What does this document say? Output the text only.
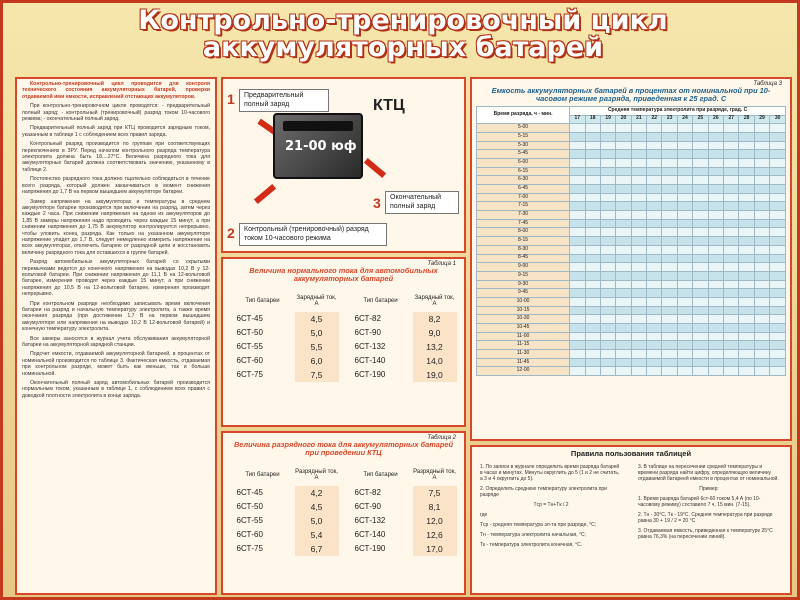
Контрольно-тренировочный цикл
аккумуляторных батарей

Контрольно-тренировочный цикл проводится для контроля технического состояния аккумуляторных батарей, проверки отдаваемой ими емкости, исправлений отстающих аккумуляторов.

При контрольно-тренировочном цикле проводятся: - предварительный полный заряд; - контрольный (тренировочный) разряд током 10-часового режима; - окончательный полный заряд.

Предварительный полный заряд при КТЦ проводится зарядным током, указанным в таблице 1 с соблюдением всех правил заряда.

Контрольный разряд производится по группам при соответствующих переключениях в ЗРУ. Перед началом контрольного разряда температура электролита должна быть 18....27°С. Величина разрядного тока для аккумуляторных батарей должна соответствовать значению, указанному в таблице 2.

Постоянство разрядного тока должно тщательно соблюдаться в течение всего разряда, который должен заканчиваться в момент снижения напряжения до 1,7 В на первом вышедшем аккумуляторе батареи.

Замер напряжения на аккумуляторах и температуры в среднем аккумуляторе батареи производится при включении на разряд, затем через каждые 2 часа. При снижении напряжения на одном из аккумуляторов до 1,85 В замеры напряжения надо проводить через каждые 15 минут, а при снижении напряжения до 1,75 В аккумулятор контролируется непрерывно, чтобы уловить конец разряда. Как только на указанном аккумуляторе напряжение упадет до 1,7 В, следует немедленно измерить напряжение на всех аккумуляторах, отключить батарею от разрядной цепи и восстановить величину разрядного тока для оставшихся в группе батарей.

Разряд автомобильных аккумуляторных батарей со скрытыми перемычками ведется до конечного напряжения на выводах 10,2 В у 12-вольтовой батареи. При снижении напряжения до 11,1 В на 12-вольтовой батарее, измерения проводят через каждые 15 минут, а при снижении напряжения до 10,5 В на 12-вольтовой батарее, измерения производят непрерывно.

При контрольном разряде необходимо записывать время включения батареи на разряд и начальную температуру электролита, а также время окончания разряда (при достижении 1,7 В на первом вышедшем аккумуляторе или напряжения на выводах 10,2 В 12-вольтовой батарей) и конечную температуру электролита.

Все замеры заносятся в журнал учета обслуживания аккумуляторной батареи на аккумуляторной зарядной станции.

Подсчет емкости, отдаваемой аккумуляторной батареей, в процентах от номинальной производится по таблице 3. Фактическая емкость, отдаваемая при контрольном разряде, может быть как меньше, так и больше номинальной.

Окончательный полный заряд автомобильных батарей производится нормальным током, указанным в таблице 1, с соблюдением всех правил с доводкой плотности электролита в конце заряда.

1	Предварительный полный заряд	КТЦ
21-00 юф
3	Окончательный полный заряд
2	Контрольный (тренировочный) разряд током 10-часового режима
Таблица 1
Величина нормального тока для автомобильных аккумуляторных батарей
Тип батареи	Зарядный ток, А		Тип батареи	Зарядный ток, А
6СТ-45	4,5		6СТ-82	8,2
6СТ-50	5,0		6СТ-90	9,0
6СТ-55	5,5		6СТ-132	13,2
6СТ-60	6,0		6СТ-140	14,0
6СТ-75	7,5		6СТ-190	19,0
Таблица 2
Величина разрядного тока для аккумуляторных батарей при проведении КТЦ
Тип батареи	Разрядный ток, А		Тип батареи	Разрядный ток, А
6СТ-45	4,2		6СТ-82	7,5
6СТ-50	4,5		6СТ-90	8,1
6СТ-55	5,0		6СТ-132	12,0
6СТ-60	5,4		6СТ-140	12,6
6СТ-75	6,7		6СТ-190	17,0
Таблица 3
Емкость аккумуляторных батарей в процентах от номинальной при 10-часовом режиме разряда, приведенная к 25 град. С
Время разряда, ч - мин.	Средняя температура электролита при разряде, град. С													
	17	18	19	20	21	22	23	24	25	26	27	28	29	30
5-00														
5-15														
5-30														
5-45														
6-00														
6-15														
6-30														
6-45														
7-00														
7-15														
7-30														
7-45														
8-00														
8-15														
8-30														
8-45														
9-00														
9-15														
9-30														
9-45														
10-00														
10-15														
10-30														
10-45														
11-00														
11-15														
11-30														
11-45														
12-00														
Правила пользования таблицей
1. По записи в журнале определить время разряда батарей в часах и минутах. Минуты округлить до 5 (1 и 2 не считать, а 3 и 4 округлить до 5).
2. Определить среднюю температуру электролита при разряде
Tср = Tн+Tк / 2
где
Tср - средняя температура эл-та при разряде, °С;
Tн - температура электролита начальная, °С;
Tк - температура электролита конечная, °С.
3. В таблице на пересечении средней температуры и времени разряда найти цифру, определяющую величину отдаваемой батареей емкости в процентах от номинальной.
Пример:
1. Время разряда батарей 6ст-60 током 5,4 А (по 10-часовому режиму) составило 7 ч, 15 мин. (7-15).
2. Tн - 30°С, Tк - 19°С. Средняя температура при разряде равна 30 + 19 / 2 = 20 °С
3. Отдаваемая емкость, приведенная к температуре 25°С равна 76,3% (на пересечении линий).
